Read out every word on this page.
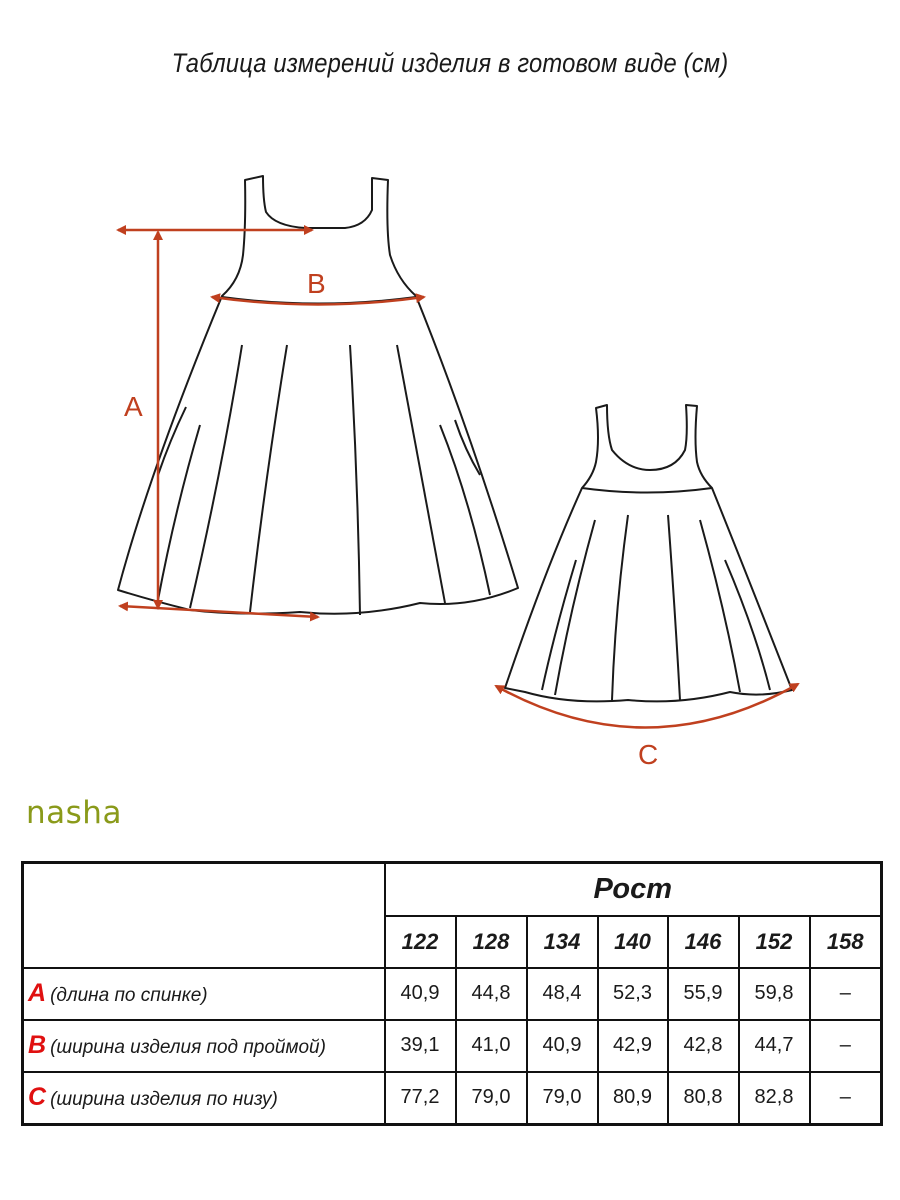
Таблица измерений изделия в готовом виде (см)
A
B
C
nasha
	Рост						
	122	128	134	140	146	152	158
A (длина по спинке)	40,9	44,8	48,4	52,3	55,9	59,8	–
B (ширина изделия под проймой)	39,1	41,0	40,9	42,9	42,8	44,7	–
C (ширина изделия по низу)	77,2	79,0	79,0	80,9	80,8	82,8	–
